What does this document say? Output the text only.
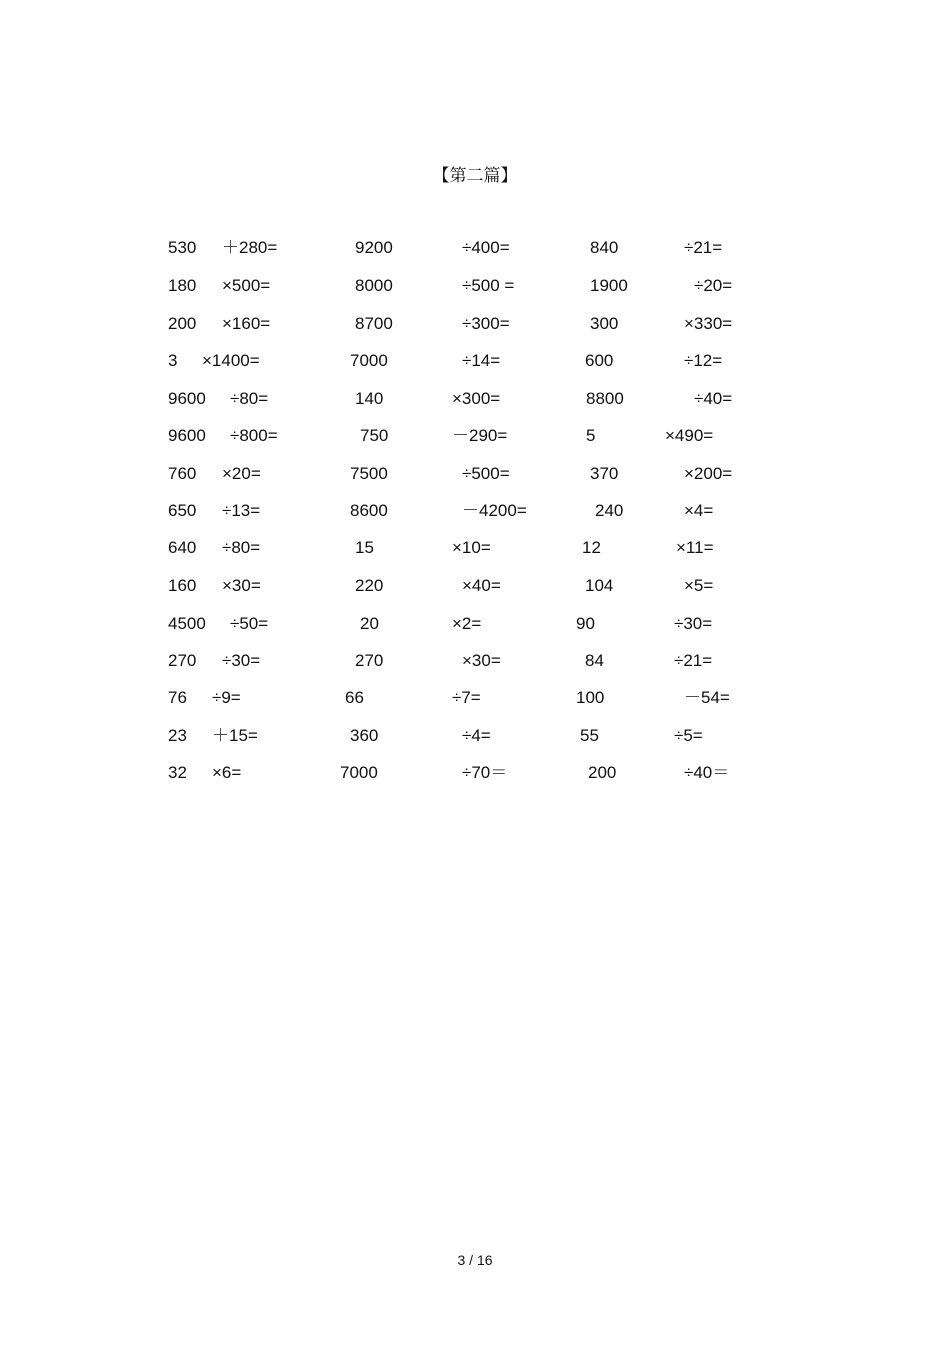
【第二篇】
530 ＋280=	9200	÷400=	840	÷21=
180 ×500=	8000	÷500 =	1900	÷20=
200 ×160=	8700	÷300=	300	×330=
3 ×1400=	7000	÷14=	600	÷12=
9600 ÷80=	140	×300=	8800	÷40=
9600 ÷800=	750	－290=	5	×490=
760 ×20=	7500	÷500=	370	×200=
650 ÷13=	8600	－4200=	240	×4=
640 ÷80=	15	×10=	12	×11=
160 ×30=	220	×40=	104	×5=
4500 ÷50=	20	×2=	90	÷30=
270 ÷30=	270	×30=	84	÷21=
76 ÷9=	66	÷7=	100	－54=
23 ＋15=	360	÷4=	55	÷5=
32 ×6=	7000	÷70＝	200	÷40＝
3 / 16
